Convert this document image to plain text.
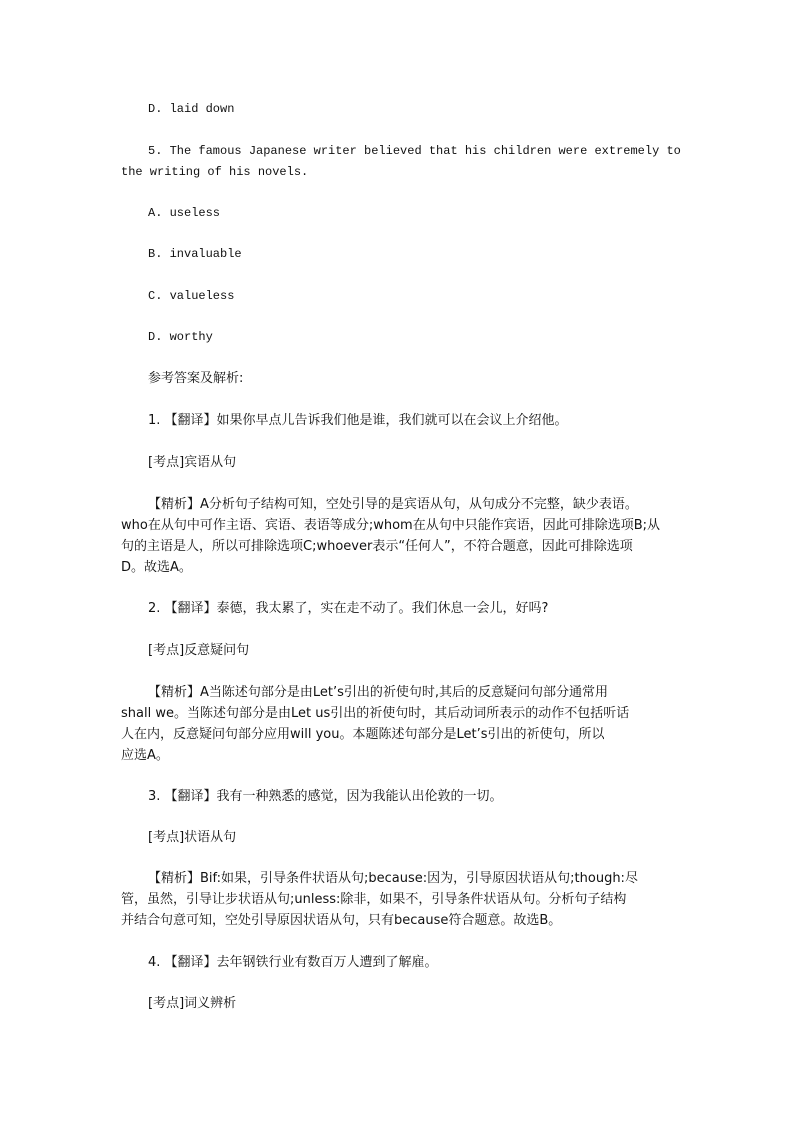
D. laid down
5. The famous Japanese writer believed that his children were extremely to
the writing of his novels.
A. useless
B. invaluable
C. valueless
D. worthy
参考答案及解析:
1. 【翻译】如果你早点儿告诉我们他是谁，我们就可以在会议上介绍他。
[考点]宾语从句
【精析】A分析句子结构可知，空处引导的是宾语从句，从句成分不完整，缺少表语。
who在从句中可作主语、宾语、表语等成分;whom在从句中只能作宾语，因此可排除选项B;从
句的主语是人，所以可排除选项C;whoever表示“任何人”，不符合题意，因此可排除选项
D。故选A。
2. 【翻译】泰德，我太累了，实在走不动了。我们休息一会儿，好吗?
[考点]反意疑问句
【精析】A当陈述句部分是由Let’s引出的祈使句时,其后的反意疑问句部分通常用
shall we。当陈述句部分是由Let us引出的祈使句时，其后动词所表示的动作不包括听话
人在内，反意疑问句部分应用will you。本题陈述句部分是Let’s引出的祈使句，所以
应选A。
3. 【翻译】我有一种熟悉的感觉，因为我能认出伦敦的一切。
[考点]状语从句
【精析】Bif:如果，引导条件状语从句;because:因为，引导原因状语从句;though:尽
管，虽然，引导让步状语从句;unless:除非，如果不，引导条件状语从句。分析句子结构
并结合句意可知，空处引导原因状语从句，只有because符合题意。故选B。
4. 【翻译】去年钢铁行业有数百万人遭到了解雇。
[考点]词义辨析
